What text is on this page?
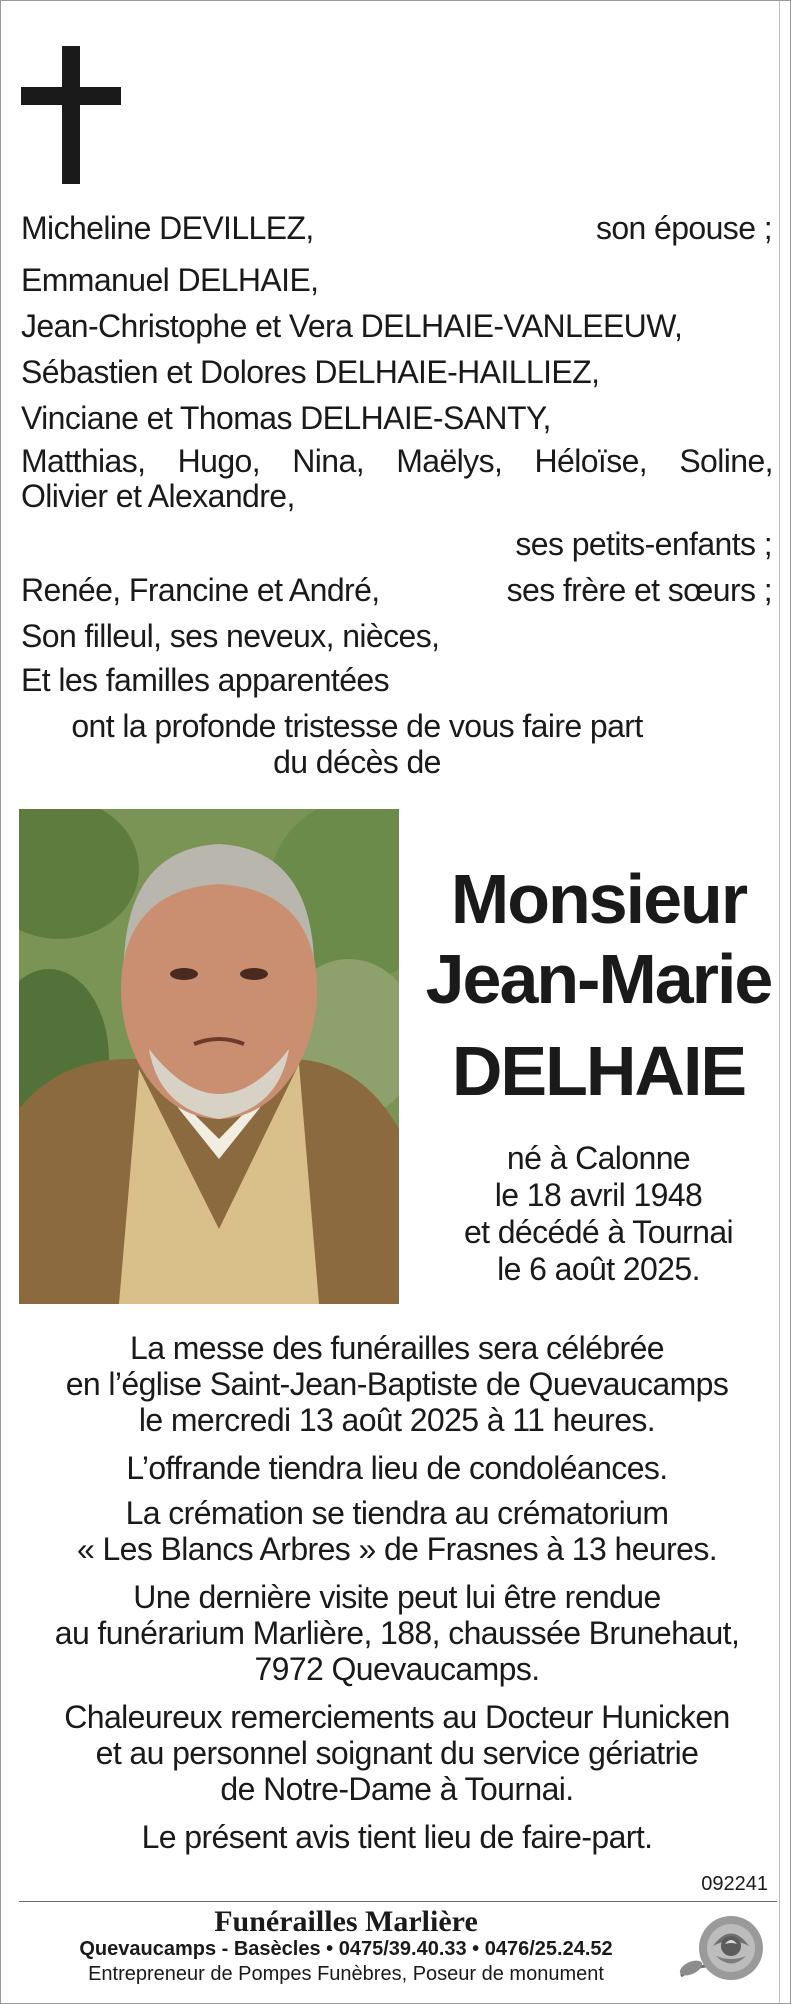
Micheline DEVILLEZ,	son épouse ;
Emmanuel DELHAIE,
Jean-Christophe et Vera DELHAIE-VANLEEUW,
Sébastien et Dolores DELHAIE-HAILLIEZ,
Vinciane et Thomas DELHAIE-SANTY,
Matthias, Hugo, Nina, Maëlys, Héloïse, Soline,
Olivier et Alexandre,
ses petits-enfants ;
Renée, Francine et André,	ses frère et sœurs ;
Son filleul, ses neveux, nièces,
Et les familles apparentées
ont la profonde tristesse de vous faire part
du décès de
Monsieur
Jean-Marie
DELHAIE
né à Calonne
le 18 avril 1948
et décédé à Tournai
le 6 août 2025.
La messe des funérailles sera célébrée
en l’église Saint-Jean-Baptiste de Quevaucamps
le mercredi 13 août 2025 à 11 heures.
L’offrande tiendra lieu de condoléances.
La crémation se tiendra au crématorium
« Les Blancs Arbres » de Frasnes à 13 heures.
Une dernière visite peut lui être rendue
au funérarium Marlière, 188, chaussée Brunehaut,
7972 Quevaucamps.
Chaleureux remerciements au Docteur Hunicken
et au personnel soignant du service gériatrie
de Notre-Dame à Tournai.
Le présent avis tient lieu de faire-part.
092241
Funérailles Marlière
Quevaucamps - Basècles • 0475/39.40.33 • 0476/25.24.52
Entrepreneur de Pompes Funèbres, Poseur de monument
